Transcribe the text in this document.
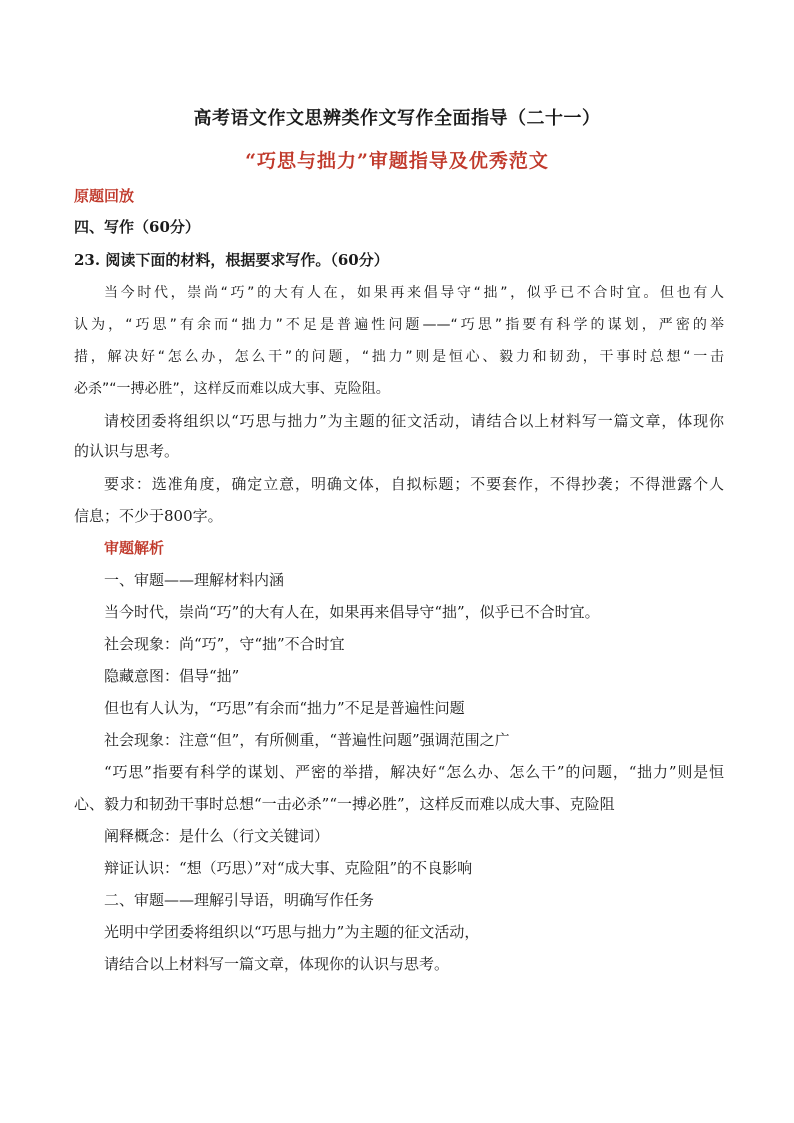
高考语文作文思辨类作文写作全面指导（二十一）
“巧思与拙力”审题指导及优秀范文
原题回放
四、写作（60分）
23. 阅读下面的材料，根据要求写作。（60分）
当今时代，崇尚“巧”的大有人在，如果再来倡导守“拙”，似乎已不合时宜。但也有人
认为，“巧思”有余而“拙力”不足是普遍性问题——“巧思”指要有科学的谋划，严密的举
措，解决好“怎么办，怎么干”的问题，“拙力”则是恒心、毅力和韧劲，干事时总想“一击
必杀”“一搏必胜”，这样反而难以成大事、克险阻。
请校团委将组织以“巧思与拙力”为主题的征文活动，请结合以上材料写一篇文章，体现你
的认识与思考。
要求：选准角度，确定立意，明确文体，自拟标题；不要套作，不得抄袭；不得泄露个人
信息；不少于800字。
审题解析
一、审题——理解材料内涵
当今时代，崇尚“巧”的大有人在，如果再来倡导守“拙”，似乎已不合时宜。
社会现象：尚“巧”，守“拙”不合时宜
隐藏意图：倡导“拙”
但也有人认为，“巧思”有余而“拙力”不足是普遍性问题
社会现象：注意“但”，有所侧重，“普遍性问题”强调范围之广
“巧思”指要有科学的谋划、严密的举措，解决好“怎么办、怎么干”的问题，“拙力”则是恒
心、毅力和韧劲干事时总想“一击必杀”“一搏必胜”，这样反而难以成大事、克险阻
阐释概念：是什么（行文关键词）
辩证认识：“想（巧思）”对“成大事、克险阻”的不良影响
二、审题——理解引导语，明确写作任务
光明中学团委将组织以“巧思与拙力”为主题的征文活动，
请结合以上材料写一篇文章，体现你的认识与思考。
